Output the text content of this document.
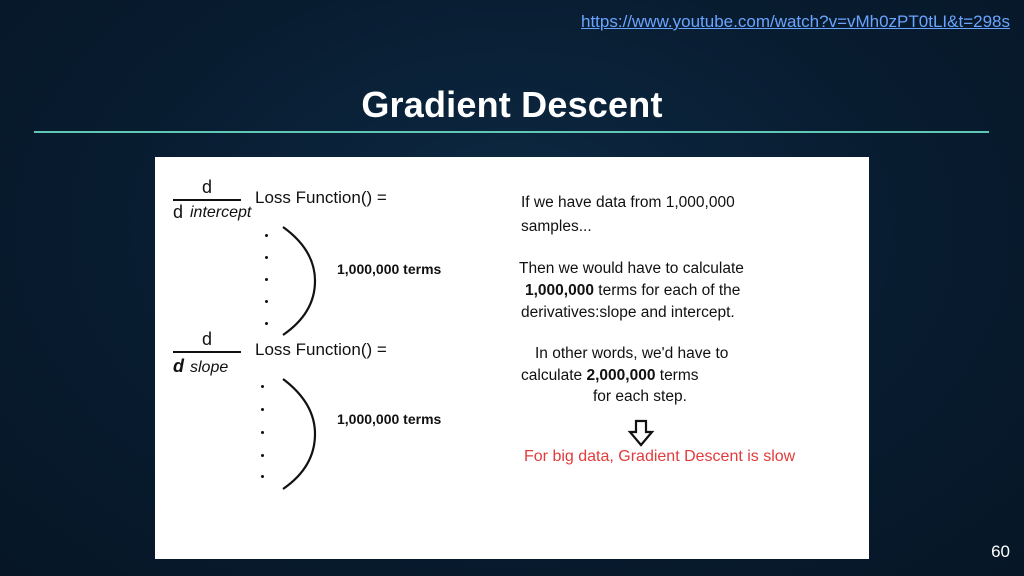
https://www.youtube.com/watch?v=vMh0zPT0tLI&t=298s
Gradient Descent
d
d intercept
Loss Function() =
1,000,000 terms
d
d slope
Loss Function() =
1,000,000 terms
If we have data from 1,000,000
samples...
Then we would have to calculate
1,000,000 terms for each of the
derivatives:slope and intercept.
In other words, we'd have to
calculate 2,000,000 terms
for each step.
For big data, Gradient Descent is slow
60
